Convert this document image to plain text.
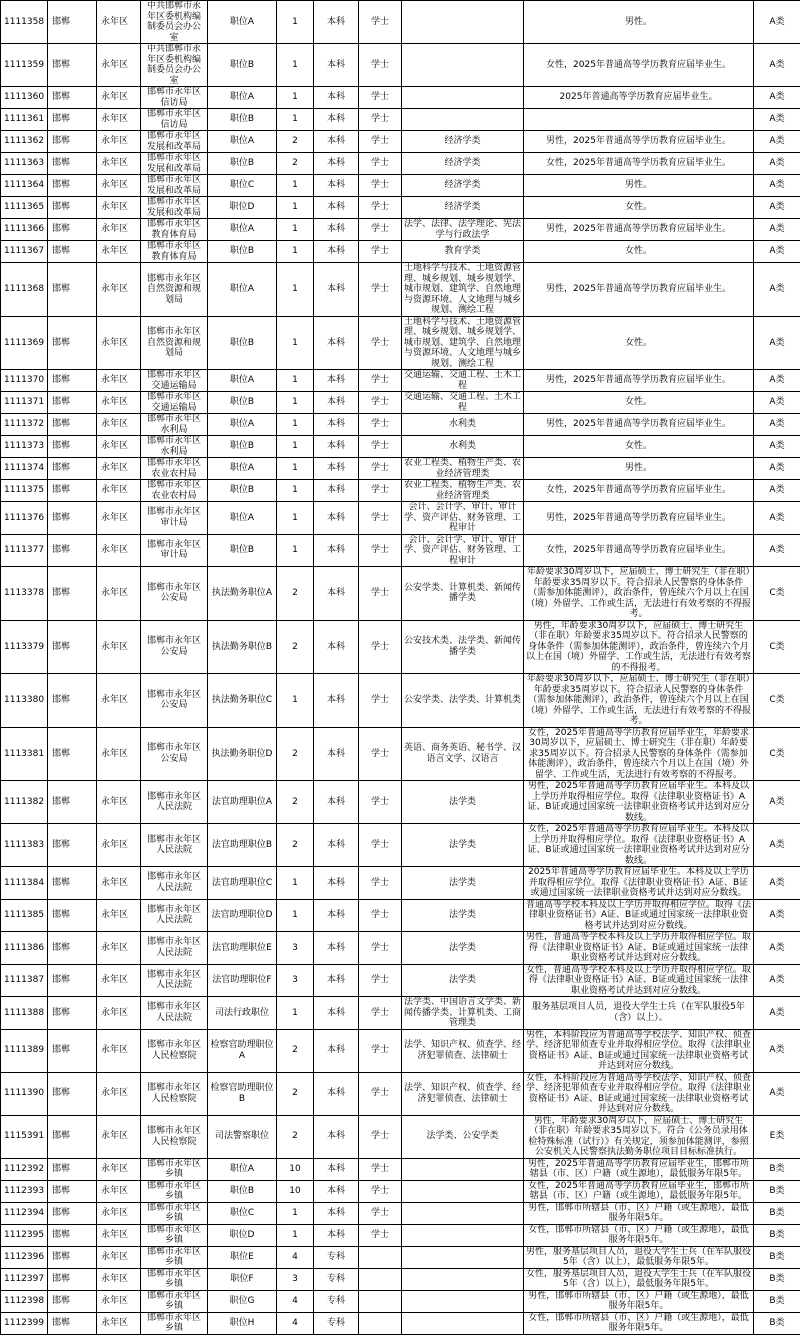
1111358	邯郸	永年区	中共邯郸市永年区委机构编制委员会办公室	职位A	1	本科	学士		男性。	A类
1111359	邯郸	永年区	中共邯郸市永年区委机构编制委员会办公室	职位B	1	本科	学士		女性，2025年普通高等学历教育应届毕业生。	A类
1111360	邯郸	永年区	邯郸市永年区信访局	职位A	1	本科	学士		2025年普通高等学历教育应届毕业生。	A类
1111361	邯郸	永年区	邯郸市永年区信访局	职位B	1	本科	学士			A类
1111362	邯郸	永年区	邯郸市永年区发展和改革局	职位A	2	本科	学士	经济学类	男性，2025年普通高等学历教育应届毕业生。	A类
1111363	邯郸	永年区	邯郸市永年区发展和改革局	职位B	2	本科	学士	经济学类	女性，2025年普通高等学历教育应届毕业生。	A类
1111364	邯郸	永年区	邯郸市永年区发展和改革局	职位C	1	本科	学士	经济学类	男性。	A类
1111365	邯郸	永年区	邯郸市永年区发展和改革局	职位D	1	本科	学士	经济学类	女性。	A类
1111366	邯郸	永年区	邯郸市永年区教育体育局	职位A	1	本科	学士	法学、法律、法学理论、宪法学与行政法学	男性，2025年普通高等学历教育应届毕业生。	A类
1111367	邯郸	永年区	邯郸市永年区教育体育局	职位B	1	本科	学士	教育学类	女性。	A类
1111368	邯郸	永年区	邯郸市永年区自然资源和规划局	职位A	1	本科	学士	土地科学与技术、土地资源管理、城乡规划、城乡规划学、城市规划、建筑学、自然地理与资源环境、人文地理与城乡规划、测绘工程	男性，2025年普通高等学历教育应届毕业生。	A类
1111369	邯郸	永年区	邯郸市永年区自然资源和规划局	职位B	1	本科	学士	土地科学与技术、土地资源管理、城乡规划、城乡规划学、城市规划、建筑学、自然地理与资源环境、人文地理与城乡规划、测绘工程	女性。	A类
1111370	邯郸	永年区	邯郸市永年区交通运输局	职位A	1	本科	学士	交通运输、交通工程、土木工程	男性，2025年普通高等学历教育应届毕业生。	A类
1111371	邯郸	永年区	邯郸市永年区交通运输局	职位B	1	本科	学士	交通运输、交通工程、土木工程	女性。	A类
1111372	邯郸	永年区	邯郸市永年区水利局	职位A	1	本科	学士	水利类	男性，2025年普通高等学历教育应届毕业生。	A类
1111373	邯郸	永年区	邯郸市永年区水利局	职位B	1	本科	学士	水利类	女性。	A类
1111374	邯郸	永年区	邯郸市永年区农业农村局	职位A	1	本科	学士	农业工程类、植物生产类、农业经济管理类	男性。	A类
1111375	邯郸	永年区	邯郸市永年区农业农村局	职位B	1	本科	学士	农业工程类、植物生产类、农业经济管理类	女性，2025年普通高等学历教育应届毕业生。	A类
1111376	邯郸	永年区	邯郸市永年区审计局	职位A	1	本科	学士	会计、会计学、审计、审计学、资产评估、财务管理、工程审计	男性，2025年普通高等学历教育应届毕业生。	A类
1111377	邯郸	永年区	邯郸市永年区审计局	职位B	1	本科	学士	会计、会计学、审计、审计学、资产评估、财务管理、工程审计	女性，2025年普通高等学历教育应届毕业生。	A类
1113378	邯郸	永年区	邯郸市永年区公安局	执法勤务职位A	2	本科	学士	公安学类、计算机类、新闻传播学类	年龄要求30周岁以下，应届硕士、博士研究生（非在职）年龄要求35周岁以下。符合招录人民警察的身体条件（需参加体能测评），政治条件，曾连续六个月以上在国（境）外留学、工作或生活，无法进行有效考察的不得报考。	C类
1113379	邯郸	永年区	邯郸市永年区公安局	执法勤务职位B	2	本科	学士	公安技术类、法学类、新闻传播学类	男性，年龄要求30周岁以下，应届硕士、博士研究生（非在职）年龄要求35周岁以下。符合招录人民警察的身体条件（需参加体能测评），政治条件，曾连续六个月以上在国（境）外留学、工作或生活，无法进行有效考察的不得报考。	C类
1113380	邯郸	永年区	邯郸市永年区公安局	执法勤务职位C	1	本科	学士	公安学类、法学类、计算机类	年龄要求30周岁以下，应届硕士、博士研究生（非在职）年龄要求35周岁以下。符合招录人民警察的身体条件（需参加体能测评），政治条件，曾连续六个月以上在国（境）外留学、工作或生活，无法进行有效考察的不得报考。	C类
1113381	邯郸	永年区	邯郸市永年区公安局	执法勤务职位D	2	本科	学士	英语、商务英语、秘书学、汉语言文学、汉语言	女性，2025年普通高等学历教育应届毕业生，年龄要求30周岁以下，应届硕士、博士研究生（非在职）年龄要求35周岁以下。符合招录人民警察的身体条件（需参加体能测评），政治条件，曾连续六个月以上在国（境）外留学、工作或生活，无法进行有效考察的不得报考。	C类
1111382	邯郸	永年区	邯郸市永年区人民法院	法官助理职位A	2	本科	学士	法学类	男性，2025年普通高等学历教育应届毕业生。本科及以上学历并取得相应学位。取得《法律职业资格证书》A证、B证或通过国家统一法律职业资格考试并达到对应分数线。	A类
1111383	邯郸	永年区	邯郸市永年区人民法院	法官助理职位B	2	本科	学士	法学类	女性，2025年普通高等学历教育应届毕业生。本科及以上学历并取得相应学位。取得《法律职业资格证书》A证、B证或通过国家统一法律职业资格考试并达到对应分数线。	A类
1111384	邯郸	永年区	邯郸市永年区人民法院	法官助理职位C	1	本科	学士	法学类	2025年普通高等学历教育应届毕业生。本科及以上学历并取得相应学位。取得《法律职业资格证书》A证、B证或通过国家统一法律职业资格考试并达到对应分数线。	A类
1111385	邯郸	永年区	邯郸市永年区人民法院	法官助理职位D	1	本科	学士	法学类	普通高等学校本科及以上学历并取得相应学位。取得《法律职业资格证书》A证、B证或通过国家统一法律职业资格考试并达到对应分数线。	A类
1111386	邯郸	永年区	邯郸市永年区人民法院	法官助理职位E	3	本科	学士	法学类	男性，普通高等学校本科及以上学历并取得相应学位。取得《法律职业资格证书》A证、B证或通过国家统一法律职业资格考试并达到对应分数线。	A类
1111387	邯郸	永年区	邯郸市永年区人民法院	法官助理职位F	3	本科	学士	法学类	女性，普通高等学校本科及以上学历并取得相应学位。取得《法律职业资格证书》A证、B证或通过国家统一法律职业资格考试并达到对应分数线。	A类
1111388	邯郸	永年区	邯郸市永年区人民法院	司法行政职位	1	本科	学士	法学类、中国语言文学类、新闻传播学类、计算机类、工商管理类	服务基层项目人员，退役大学生士兵（在军队服役5年（含）以上）。	A类
1111389	邯郸	永年区	邯郸市永年区人民检察院	检察官助理职位A	2	本科	学士	法学、知识产权、侦查学、经济犯罪侦查、法律硕士	男性，本科阶段应为普通高等学校法学、知识产权、侦查学、经济犯罪侦查专业并取得相应学位。取得《法律职业资格证书》A证、B证或通过国家统一法律职业资格考试并达到对应分数线。	A类
1111390	邯郸	永年区	邯郸市永年区人民检察院	检察官助理职位B	2	本科	学士	法学、知识产权、侦查学、经济犯罪侦查、法律硕士	女性，本科阶段应为普通高等学校法学、知识产权、侦查学、经济犯罪侦查专业并取得相应学位。取得《法律职业资格证书》A证、B证或通过国家统一法律职业资格考试并达到对应分数线。	A类
1115391	邯郸	永年区	邯郸市永年区人民检察院	司法警察职位	2	本科	学士	法学类、公安学类	男性，年龄要求30周岁以下，应届硕士、博士研究生（非在职）年龄要求35周岁以下。符合《公务员录用体检特殊标准（试行）》有关规定，须参加体能测评，参照公安机关人民警察执法勤务职位项目目标标准执行。	E类
1112392	邯郸	永年区	邯郸市永年区乡镇	职位A	10	本科	学士		男性，2025年普通高等学历教育应届毕业生，邯郸市所辖县（市、区）户籍（或生源地），最低服务年限5年。	B类
1112393	邯郸	永年区	邯郸市永年区乡镇	职位B	10	本科	学士		女性，2025年普通高等学历教育应届毕业生，邯郸市所辖县（市、区）户籍（或生源地），最低服务年限5年。	B类
1112394	邯郸	永年区	邯郸市永年区乡镇	职位C	1	本科	学士		男性，邯郸市所辖县（市、区）户籍（或生源地），最低服务年限5年。	B类
1112395	邯郸	永年区	邯郸市永年区乡镇	职位D	1	本科	学士		女性，邯郸市所辖县（市、区）户籍（或生源地），最低服务年限5年。	B类
1112396	邯郸	永年区	邯郸市永年区乡镇	职位E	4	专科			男性，服务基层项目人员，退役大学生士兵（在军队服役5年（含）以上），最低服务年限5年。	B类
1112397	邯郸	永年区	邯郸市永年区乡镇	职位F	3	专科			女性，服务基层项目人员，退役大学生士兵（在军队服役5年（含）以上），最低服务年限5年。	B类
1112398	邯郸	永年区	邯郸市永年区乡镇	职位G	4	专科			男性，邯郸市所辖县（市、区）户籍（或生源地），最低服务年限5年。	B类
1112399	邯郸	永年区	邯郸市永年区乡镇	职位H	4	专科			女性，邯郸市所辖县（市、区）户籍（或生源地），最低服务年限5年。	B类
